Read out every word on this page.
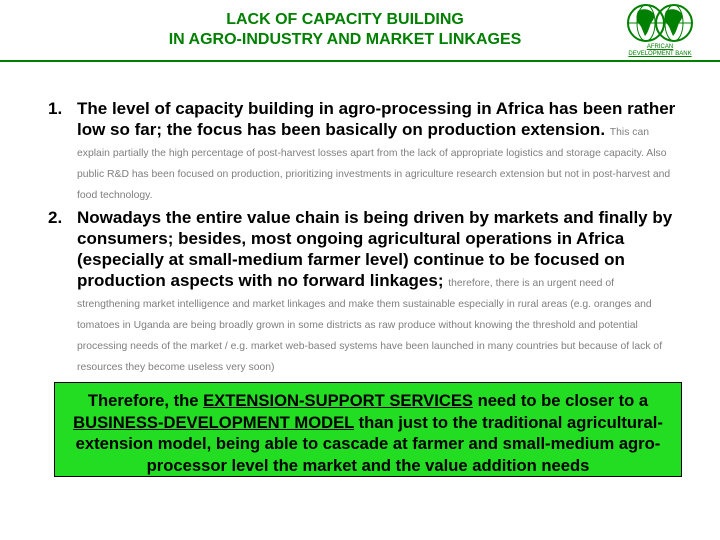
LACK OF CAPACITY BUILDING
IN AGRO-INDUSTRY AND MARKET LINKAGES	AFRICAN
DEVELOPMENT BANK
1. The level of capacity building in agro-processing in Africa has been rather low so far; the focus has been basically on production extension. This can explain partially the high percentage of post-harvest losses apart from the lack of appropriate logistics and storage capacity. Also public R&D has been focused on production, prioritizing investments in agriculture research extension but not in post-harvest and food technology.
2. Nowadays the entire value chain is being driven by markets and finally by consumers; besides, most ongoing agricultural operations in Africa (especially at small-medium farmer level) continue to be focused on production aspects with no forward linkages; therefore, there is an urgent need of strengthening market intelligence and market linkages and make them sustainable especially in rural areas (e.g. oranges and tomatoes in Uganda are being broadly grown in some districts as raw produce without knowing the threshold and potential processing needs of the market / e.g. market web-based systems have been launched in many countries but because of lack of resources they become useless very soon)
Therefore, the EXTENSION-SUPPORT SERVICES need to be closer to a BUSINESS-DEVELOPMENT MODEL than just to the traditional agricultural-extension model, being able to cascade at farmer and small-medium agro-processor level the market and the value addition needs
